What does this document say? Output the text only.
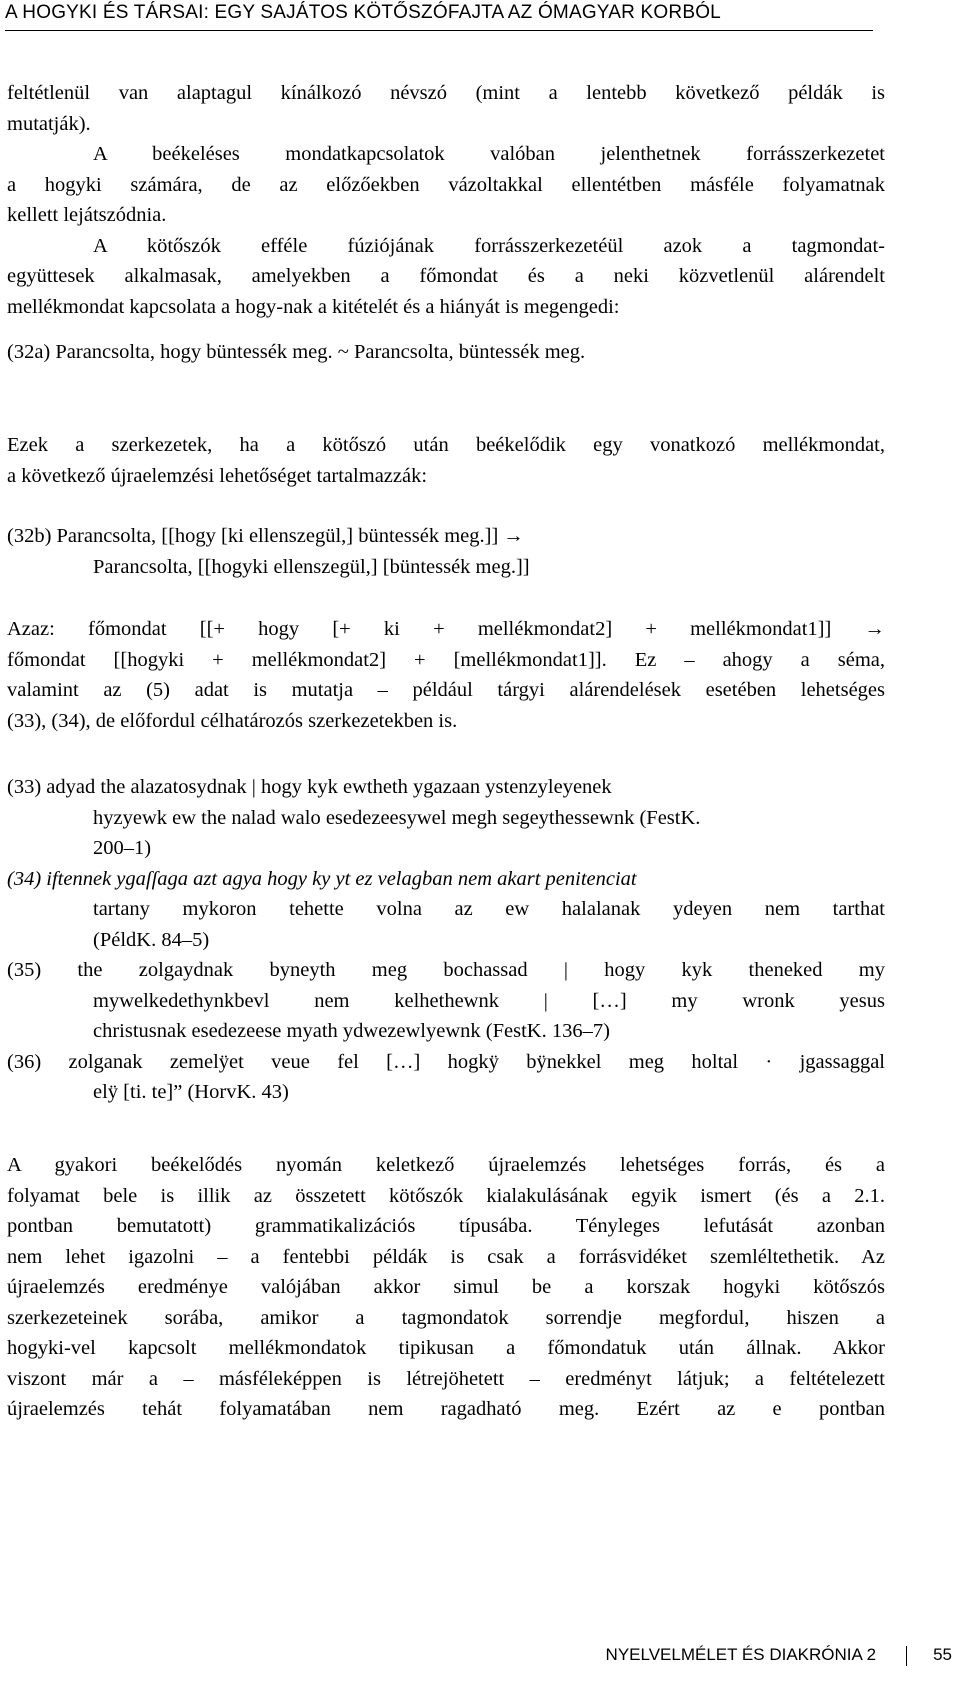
A HOGYKI ÉS TÁRSAI: EGY SAJÁTOS KÖTŐSZÓFAJTA AZ ÓMAGYAR KORBÓL
feltétlenül van alaptagul kínálkozó névszó (mint a lentebb következő példák is
mutatják).
A beékeléses mondatkapcsolatok valóban jelenthetnek forrásszerkezetet
a hogyki számára, de az előzőekben vázoltakkal ellentétben másféle folyamatnak
kellett lejátszódnia.
A kötőszók efféle fúziójának forrásszerkezetéül azok a tagmondat-
együttesek alkalmasak, amelyekben a főmondat és a neki közvetlenül alárendelt
mellékmondat kapcsolata a hogy-nak a kitételét és a hiányát is megengedi:
(32a) Parancsolta, hogy büntessék meg. ~ Parancsolta, büntessék meg.
Ezek a szerkezetek, ha a kötőszó után beékelődik egy vonatkozó mellékmondat,
a következő újraelemzési lehetőséget tartalmazzák:
(32b) Parancsolta, [[hogy [ki ellenszegül,] büntessék meg.]] →
Parancsolta, [[hogyki ellenszegül,] [büntessék meg.]]
Azaz: főmondat [[+ hogy [+ ki + mellékmondat2] + mellékmondat1]] →
főmondat [[hogyki + mellékmondat2] + [mellékmondat1]]. Ez – ahogy a séma,
valamint az (5) adat is mutatja – például tárgyi alárendelések esetében lehetséges
(33), (34), de előfordul célhatározós szerkezetekben is.
(33) adyad the alazatosydnak | hogy kyk ewtheth ygazaan ystenzyleyenek
hyzyewk ew the nalad walo esedezeesywel megh segeythessewnk (FestK.
200–1)
(34) iftennek ygaſſaga azt agya hogy ky yt ez velagban nem akart penitenciat
tartany mykoron tehette volna az ew halalanak ydeyen nem tarthat
(PéldK. 84–5)
(35) the zolgaydnak byneyth meg bochassad | hogy kyk theneked my
mywelkedethynkbevl nem kelhethewnk | […] my wronk yesus
christusnak esedezeese myath ydwezewlyewnk (FestK. 136–7)
(36) zolganak zemelÿet veue fel […] hogkÿ bÿnekkel meg holtal · jgassaggal
elÿ [ti. te]” (HorvK. 43)
A gyakori beékelődés nyomán keletkező újraelemzés lehetséges forrás, és a
folyamat bele is illik az összetett kötőszók kialakulásának egyik ismert (és a 2.1.
pontban bemutatott) grammatikalizációs típusába. Tényleges lefutását azonban
nem lehet igazolni – a fentebbi példák is csak a forrásvidéket szemléltethetik. Az
újraelemzés eredménye valójában akkor simul be a korszak hogyki kötőszós
szerkezeteinek sorába, amikor a tagmondatok sorrendje megfordul, hiszen a
hogyki-vel kapcsolt mellékmondatok tipikusan a főmondatuk után állnak. Akkor
viszont már a – másféleképpen is létrejöhetett – eredményt látjuk; a feltételezett
újraelemzés tehát folyamatában nem ragadható meg. Ezért az e pontban
NYELVELMÉLET ÉS DIAKRÓNIA 2	55
